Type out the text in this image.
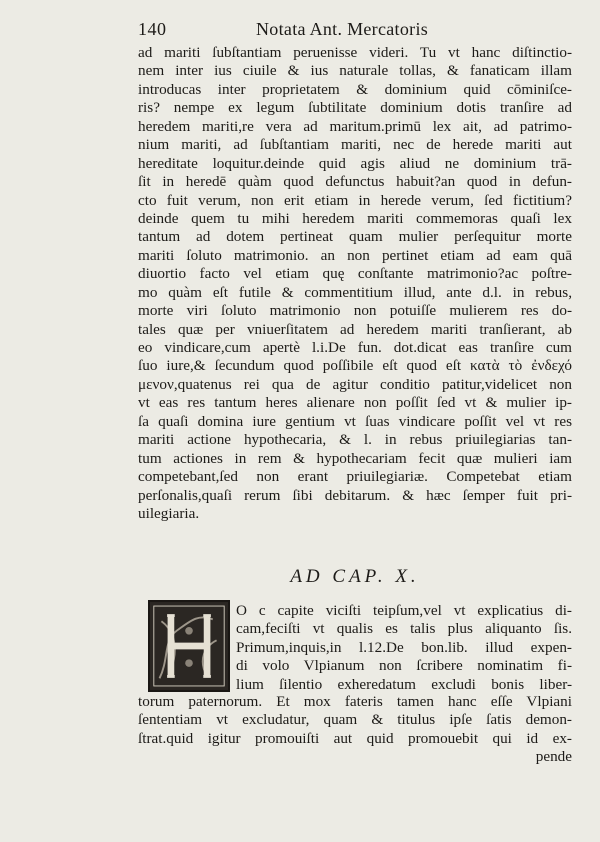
140	Notata Ant. Mercatoris
ad mariti ſubſtantiam peruenisse videri. Tu vt hanc diſtinctio-
nem inter ius ciuile & ius naturale tollas, & fanaticam illam
introducas inter proprietatem & dominium quid cōminiſce-
ris? nempe ex legum ſubtilitate dominium dotis tranſire ad
heredem mariti,re vera ad maritum.primū lex ait, ad patrimo-
nium mariti, ad ſubſtantiam mariti, nec de herede mariti aut
hereditate loquitur.deinde quid agis aliud ne dominium trā-
ſit in heredē quàm quod defunctus habuit?an quod in defun-
cto fuit verum, non erit etiam in herede verum, ſed fictitium?
deinde quem tu mihi heredem mariti commemoras quaſi lex
tantum ad dotem pertineat quam mulier perſequitur morte
mariti ſoluto matrimonio. an non pertinet etiam ad eam quā
diuortio facto vel etiam quę conſtante matrimonio?ac poſtre-
mo quàm eſt futile & commentitium illud, ante d.l. in rebus,
morte viri ſoluto matrimonio non potuiſſe mulierem res do-
tales quæ per vniuerſitatem ad heredem mariti tranſierant, ab
eo vindicare,cum apertè l.i.De fun. dot.dicat eas tranſire cum
ſuo iure,& ſecundum quod poſſibile eſt quod eſt κατὰ τὸ ἐνδεχό
μενον,quatenus rei qua de agitur conditio patitur,videlicet non
vt eas res tantum heres alienare non poſſit ſed vt & mulier ip-
ſa quaſi domina iure gentium vt ſuas vindicare poſſit vel vt res
mariti actione hypothecaria, & l. in rebus priuilegiarias tan-
tum actiones in rem & hypothecariam fecit quæ mulieri iam
competebant,ſed non erant priuilegiariæ. Competebat etiam
perſonalis,quaſi rerum ſibi debitarum. & hæc ſemper fuit pri-
uilegiaria.
AD CAP. X.
O c capite viciſti teipſum,vel vt explicatius di-
cam,feciſti vt qualis es talis plus aliquanto ſis.
Primum,inquis,in l.12.De bon.lib. illud expen-
di volo Vlpianum non ſcribere nominatim fi-
lium ſilentio exheredatum excludi bonis liber-
torum paternorum. Et mox fateris tamen hanc eſſe Vlpiani
ſententiam vt excludatur, quam & titulus ipſe ſatis demon-
ſtrat.quid igitur promouiſti aut quid promouebit qui id ex-
pende
